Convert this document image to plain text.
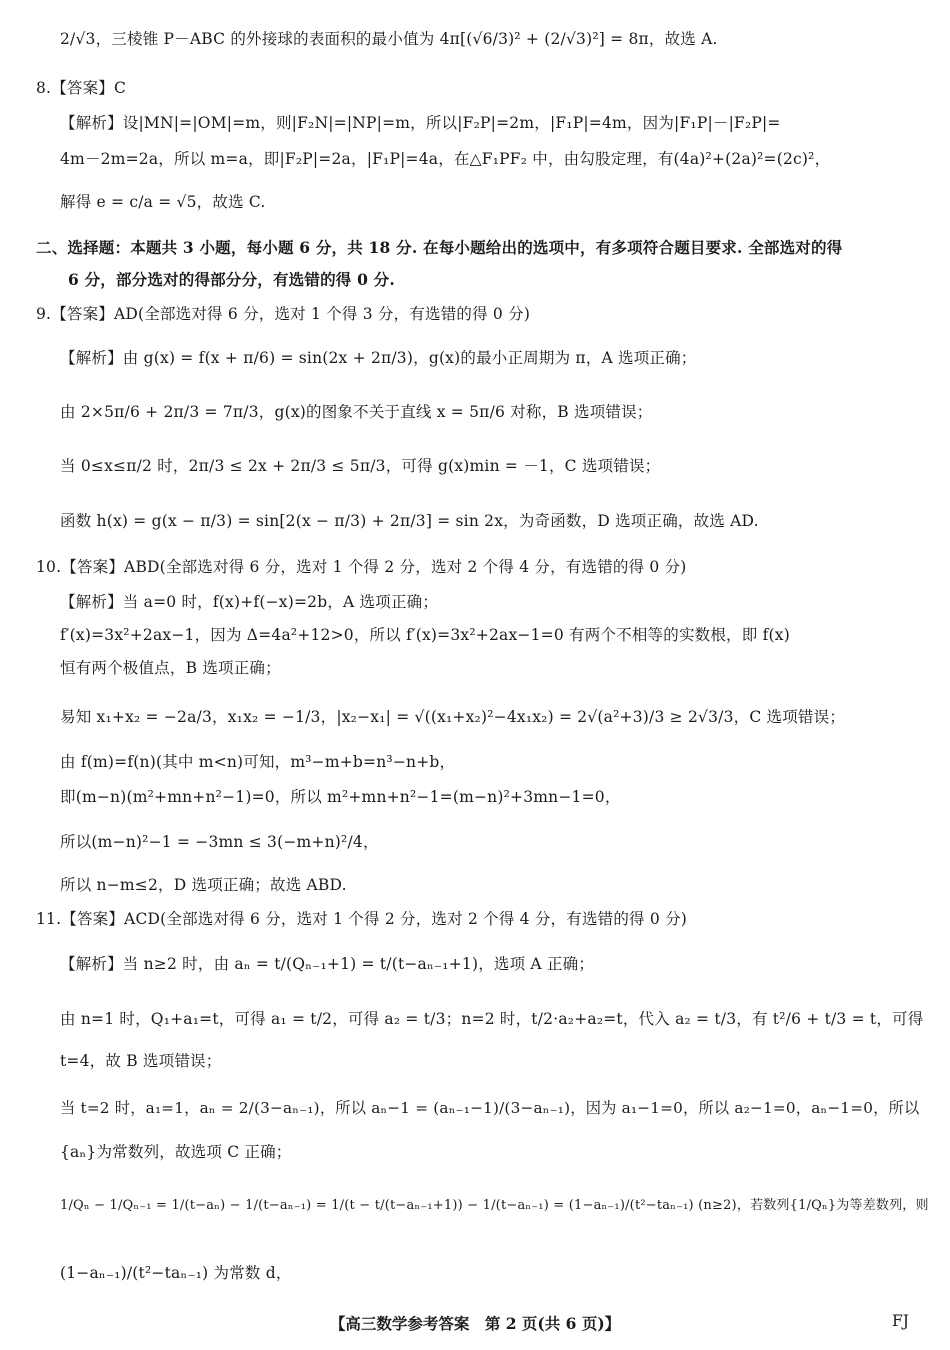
2/√3，三棱锥 P－ABC 的外接球的表面积的最小值为 4π[(√6/3)² + (2/√3)²] = 8π，故选 A.
8.【答案】C
【解析】设|MN|=|OM|=m，则|F₂N|=|NP|=m，所以|F₂P|=2m，|F₁P|=4m，因为|F₁P|－|F₂P|=
4m－2m=2a，所以 m=a，即|F₂P|=2a，|F₁P|=4a，在△F₁PF₂ 中，由勾股定理，有(4a)²+(2a)²=(2c)²，
解得 e = c/a = √5，故选 C.
二、选择题：本题共 3 小题，每小题 6 分，共 18 分. 在每小题给出的选项中，有多项符合题目要求. 全部选对的得
6 分，部分选对的得部分分，有选错的得 0 分.
9.【答案】AD(全部选对得 6 分，选对 1 个得 3 分，有选错的得 0 分)
【解析】由 g(x) = f(x + π/6) = sin(2x + 2π/3)，g(x)的最小正周期为 π，A 选项正确；
由 2×5π/6 + 2π/3 = 7π/3，g(x)的图象不关于直线 x = 5π/6 对称，B 选项错误；
当 0≤x≤π/2 时，2π/3 ≤ 2x + 2π/3 ≤ 5π/3，可得 g(x)min = －1，C 选项错误；
函数 h(x) = g(x − π/3) = sin[2(x − π/3) + 2π/3] = sin 2x，为奇函数，D 选项正确，故选 AD.
10.【答案】ABD(全部选对得 6 分，选对 1 个得 2 分，选对 2 个得 4 分，有选错的得 0 分)
【解析】当 a=0 时，f(x)+f(−x)=2b，A 选项正确；
f′(x)=3x²+2ax−1，因为 Δ=4a²+12>0，所以 f′(x)=3x²+2ax−1=0 有两个不相等的实数根，即 f(x)
恒有两个极值点，B 选项正确；
易知 x₁+x₂ = −2a/3，x₁x₂ = −1/3，|x₂−x₁| = √((x₁+x₂)²−4x₁x₂) = 2√(a²+3)/3 ≥ 2√3/3，C 选项错误；
由 f(m)=f(n)(其中 m<n)可知，m³−m+b=n³−n+b，
即(m−n)(m²+mn+n²−1)=0，所以 m²+mn+n²−1=(m−n)²+3mn−1=0，
所以(m−n)²−1 = −3mn ≤ 3(−m+n)²/4，
所以 n−m≤2，D 选项正确；故选 ABD.
11.【答案】ACD(全部选对得 6 分，选对 1 个得 2 分，选对 2 个得 4 分，有选错的得 0 分)
【解析】当 n≥2 时，由 aₙ = t/(Qₙ₋₁+1) = t/(t−aₙ₋₁+1)，选项 A 正确；
由 n=1 时，Q₁+a₁=t，可得 a₁ = t/2，可得 a₂ = t/3；n=2 时，t/2·a₂+a₂=t，代入 a₂ = t/3，有 t²/6 + t/3 = t，可得
t=4，故 B 选项错误；
当 t=2 时，a₁=1，aₙ = 2/(3−aₙ₋₁)，所以 aₙ−1 = (aₙ₋₁−1)/(3−aₙ₋₁)，因为 a₁−1=0，所以 a₂−1=0，aₙ−1=0，所以
{aₙ}为常数列，故选项 C 正确；
1/Qₙ − 1/Qₙ₋₁ = 1/(t−aₙ) − 1/(t−aₙ₋₁) = 1/(t − t/(t−aₙ₋₁+1)) − 1/(t−aₙ₋₁) = (1−aₙ₋₁)/(t²−taₙ₋₁) (n≥2)，若数列{1/Qₙ}为等差数列，则
(1−aₙ₋₁)/(t²−taₙ₋₁) 为常数 d，
【高三数学参考答案　第 2 页(共 6 页)】	FJ
